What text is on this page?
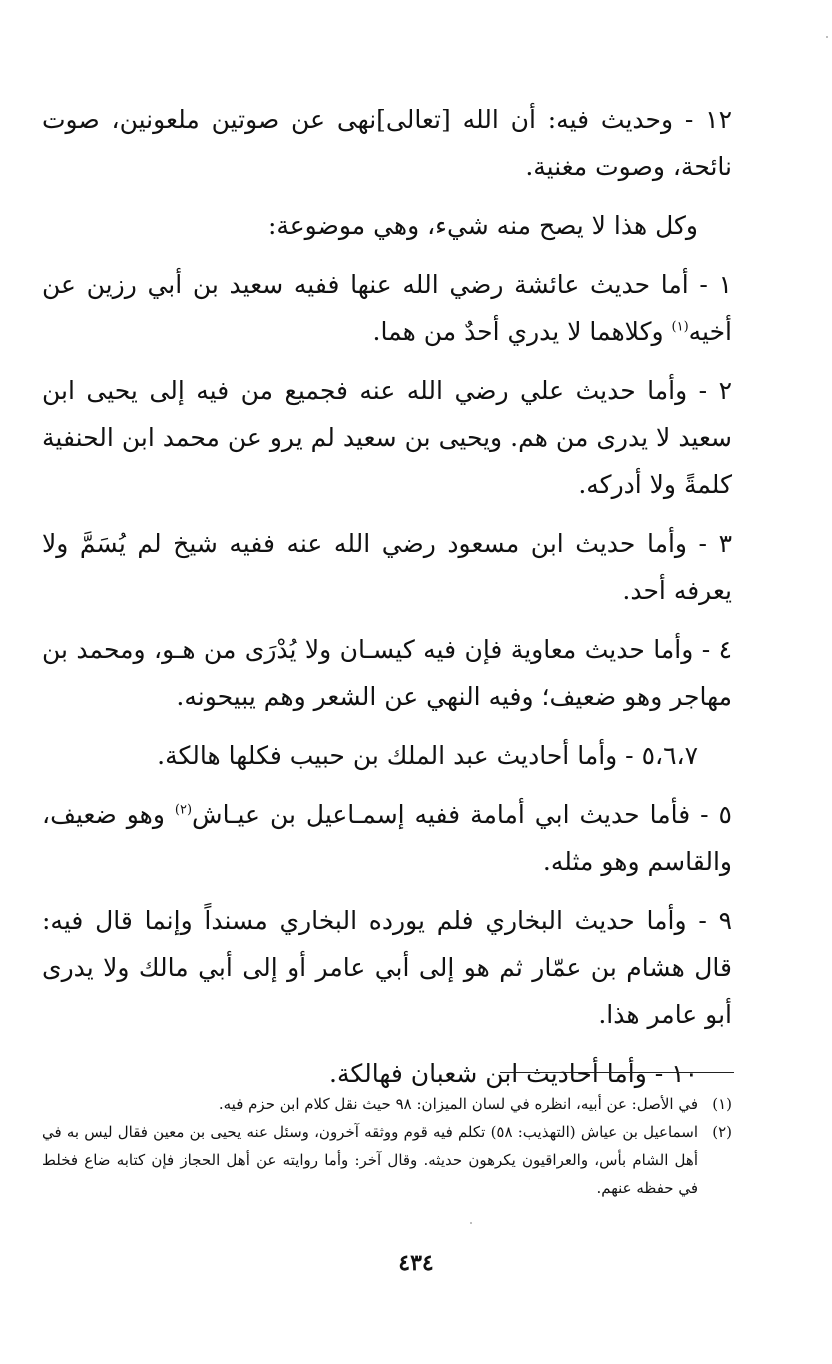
١٢ - وحديث فيه: أن الله [تعالى]نهى عن صوتين ملعونين، صوت نائحة، وصوت مغنية.

وكل هذا لا يصح منه شيء، وهي موضوعة:

١ - أما حديث عائشة رضي الله عنها ففيه سعيد بن أبي رزين عن أخيه$^{(١)}$ وكلاهما لا يدري أحدٌ من هما.

٢ - وأما حديث علي رضي الله عنه فجميع من فيه إلى يحيى ابن سعيد لا يدرى من هم. ويحيى بن سعيد لم يرو عن محمد ابن الحنفية كلمةً ولا أدركه.

٣ - وأما حديث ابن مسعود رضي الله عنه ففيه شيخ لم يُسَمَّ ولا يعرفه أحد.

٤ - وأما حديث معاوية فإن فيه كيسـان ولا يُدْرَى من هـو، ومحمد بن مهاجر وهو ضعيف؛ وفيه النهي عن الشعر وهم يبيحونه.

٥،٦،٧ - وأما أحاديث عبد الملك بن حبيب فكلها هالكة.

٥ - فأما حديث ابي أمامة ففيه إسمـاعيل بن عيـاش$^{(٢)}$ وهو ضعيف، والقاسم وهو مثله.

٩ - وأما حديث البخاري فلم يورده البخاري مسنداً وإنما قال فيه: قال هشام بن عمّار ثم هو إلى أبي عامر أو إلى أبي مالك ولا يدرى أبو عامر هذا.

١٠ - وأما أحاديث ابن شعبان فهالكة.

(١)
في الأصل: عن أبيه، انظره في لسان الميزان: ٩٨ حيث نقل كلام ابن حزم فيه.
(٢)
اسماعيل بن عياش (التهذيب: ٥٨) تكلم فيه قوم ووثقه آخرون، وسئل عنه يحيى بن معين فقال ليس به في أهل الشام بأس، والعراقيون يكرهون حديثه. وقال آخر: وأما روايته عن أهل الحجاز فإن كتابه ضاع فخلط في حفظه عنهم.
٤٣٤
